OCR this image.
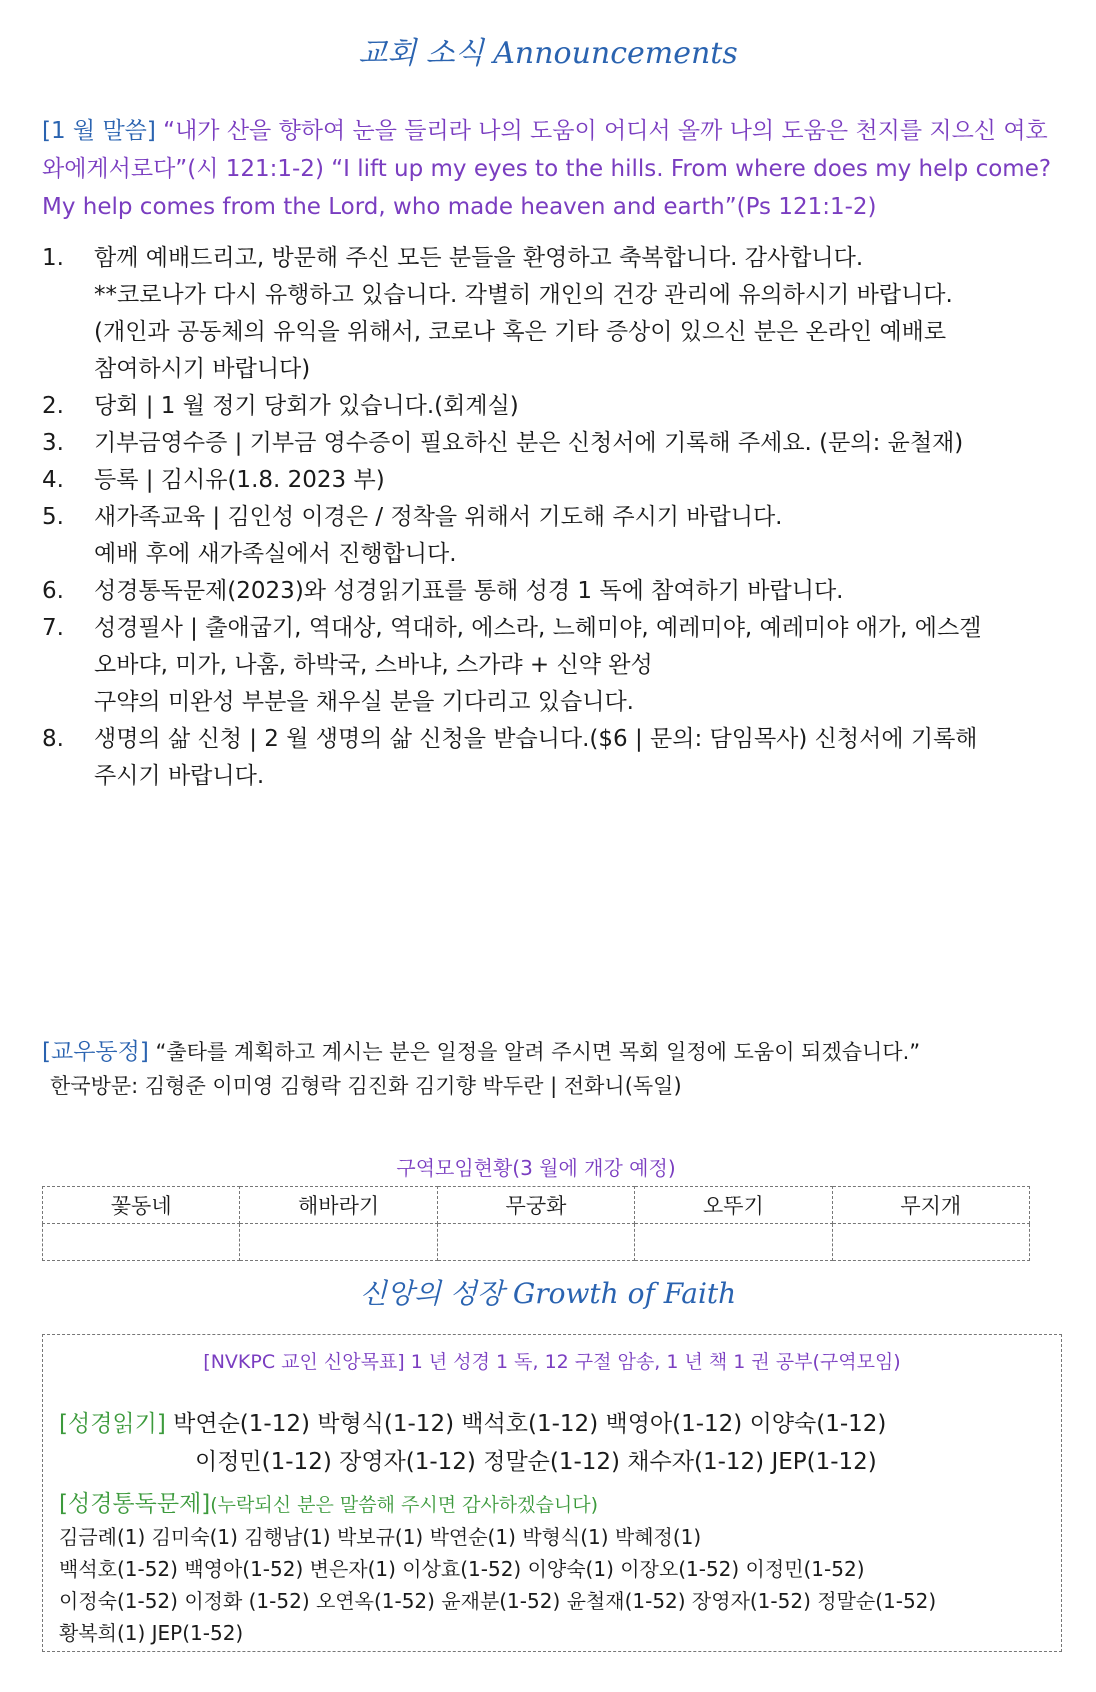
교회 소식 Announcements
[1 월 말씀] “내가 산을 향하여 눈을 들리라 나의 도움이 어디서 올까 나의 도움은 천지를 지으신 여호와에게서로다”(시 121:1-2) “I lift up my eyes to the hills. From where does my help come? My help comes from the Lord, who made heaven and earth”(Ps 121:1-2)
1. 함께 예배드리고, 방문해 주신 모든 분들을 환영하고 축복합니다. 감사합니다.
**코로나가 다시 유행하고 있습니다. 각별히 개인의 건강 관리에 유의하시기 바랍니다.
(개인과 공동체의 유익을 위해서, 코로나 혹은 기타 증상이 있으신 분은 온라인 예배로
참여하시기 바랍니다)
2. 당회 | 1 월 정기 당회가 있습니다.(회계실)
3. 기부금영수증 | 기부금 영수증이 필요하신 분은 신청서에 기록해 주세요. (문의: 윤철재)
4. 등록 | 김시유(1.8. 2023 부)
5. 새가족교육 | 김인성 이경은 / 정착을 위해서 기도해 주시기 바랍니다.
예배 후에 새가족실에서 진행합니다.
6. 성경통독문제(2023)와 성경읽기표를 통해 성경 1 독에 참여하기 바랍니다.
7. 성경필사 | 출애굽기, 역대상, 역대하, 에스라, 느헤미야, 예레미야, 예레미야 애가, 에스겔
오바댜, 미가, 나훔, 하박국, 스바냐, 스가랴 + 신약 완성
구약의 미완성 부분을 채우실 분을 기다리고 있습니다.
8. 생명의 삶 신청 | 2 월 생명의 삶 신청을 받습니다.($6 | 문의: 담임목사) 신청서에 기록해
주시기 바랍니다.
[교우동정] “출타를 계획하고 계시는 분은 일정을 알려 주시면 목회 일정에 도움이 되겠습니다.”
한국방문: 김형준 이미영 김형락 김진화 김기향 박두란 | 전화니(독일)
구역모임현황(3 월에 개강 예정)
꽃동네	해바라기	무궁화	오뚜기	무지개

신앙의 성장 Growth of Faith
[NVKPC 교인 신앙목표] 1 년 성경 1 독, 12 구절 암송, 1 년 책 1 권 공부(구역모임)
[성경읽기] 박연순(1-12) 박형식(1-12) 백석호(1-12) 백영아(1-12) 이양숙(1-12)
이정민(1-12) 장영자(1-12) 정말순(1-12) 채수자(1-12) JEP(1-12)
[성경통독문제](누락되신 분은 말씀해 주시면 감사하겠습니다)
김금례(1) 김미숙(1) 김행남(1) 박보규(1) 박연순(1) 박형식(1) 박혜정(1)
백석호(1-52) 백영아(1-52) 변은자(1) 이상효(1-52) 이양숙(1) 이장오(1-52) 이정민(1-52)
이정숙(1-52) 이정화 (1-52) 오연옥(1-52) 윤재분(1-52) 윤철재(1-52) 장영자(1-52) 정말순(1-52)
황복희(1) JEP(1-52)
